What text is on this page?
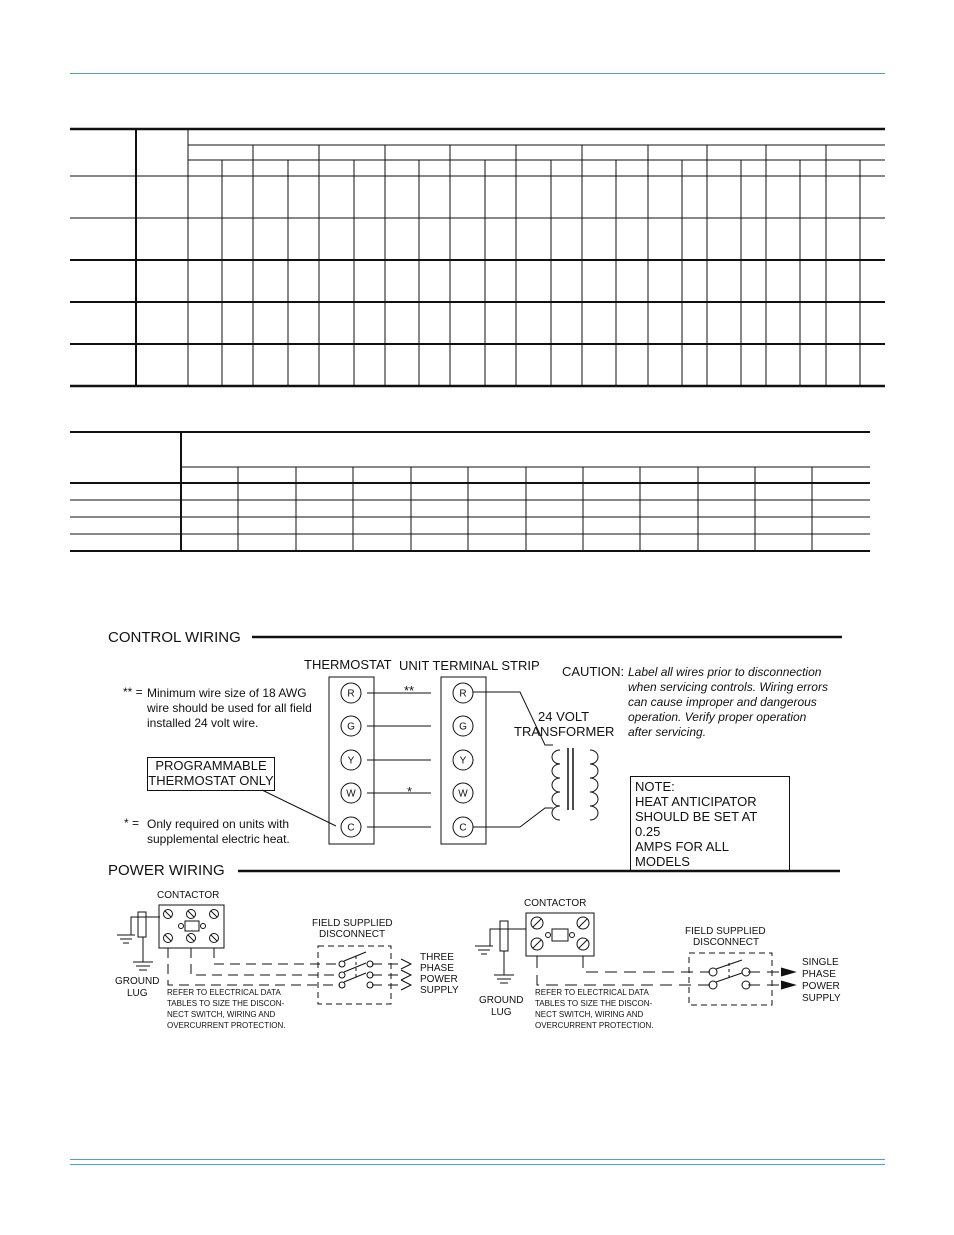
R	R
G	G
Y	Y
W	W
C	C
CONTROL WIRING
THERMOSTAT UNIT TERMINAL STRIP
**
*
** = Minimum wire size of 18 AWG
wire should be used for all field
installed 24 volt wire.
PROGRAMMABLE
THERMOSTAT ONLY
* = Only required on units with
supplemental electric heat.
24 VOLT
TRANSFORMER
CAUTION: Label all wires prior to disconnection
when servicing controls. Wiring errors
can cause improper and dangerous
operation. Verify proper operation
after servicing.
NOTE:
HEAT ANTICIPATOR
SHOULD BE SET AT 0.25
AMPS FOR ALL MODELS
POWER WIRING
CONTACTOR
FIELD SUPPLIED
DISCONNECT
GROUND
LUG REFER TO ELECTRICAL DATA
TABLES TO SIZE THE DISCON-
NECT SWITCH, WIRING AND
OVERCURRENT PROTECTION.
THREE
PHASE
POWER
SUPPLY
CONTACTOR
FIELD SUPPLIED
DISCONNECT
GROUND
LUG
REFER TO ELECTRICAL DATA
TABLES TO SIZE THE DISCON-
NECT SWITCH, WIRING AND
OVERCURRENT PROTECTION.
SINGLE
PHASE
POWER
SUPPLY
